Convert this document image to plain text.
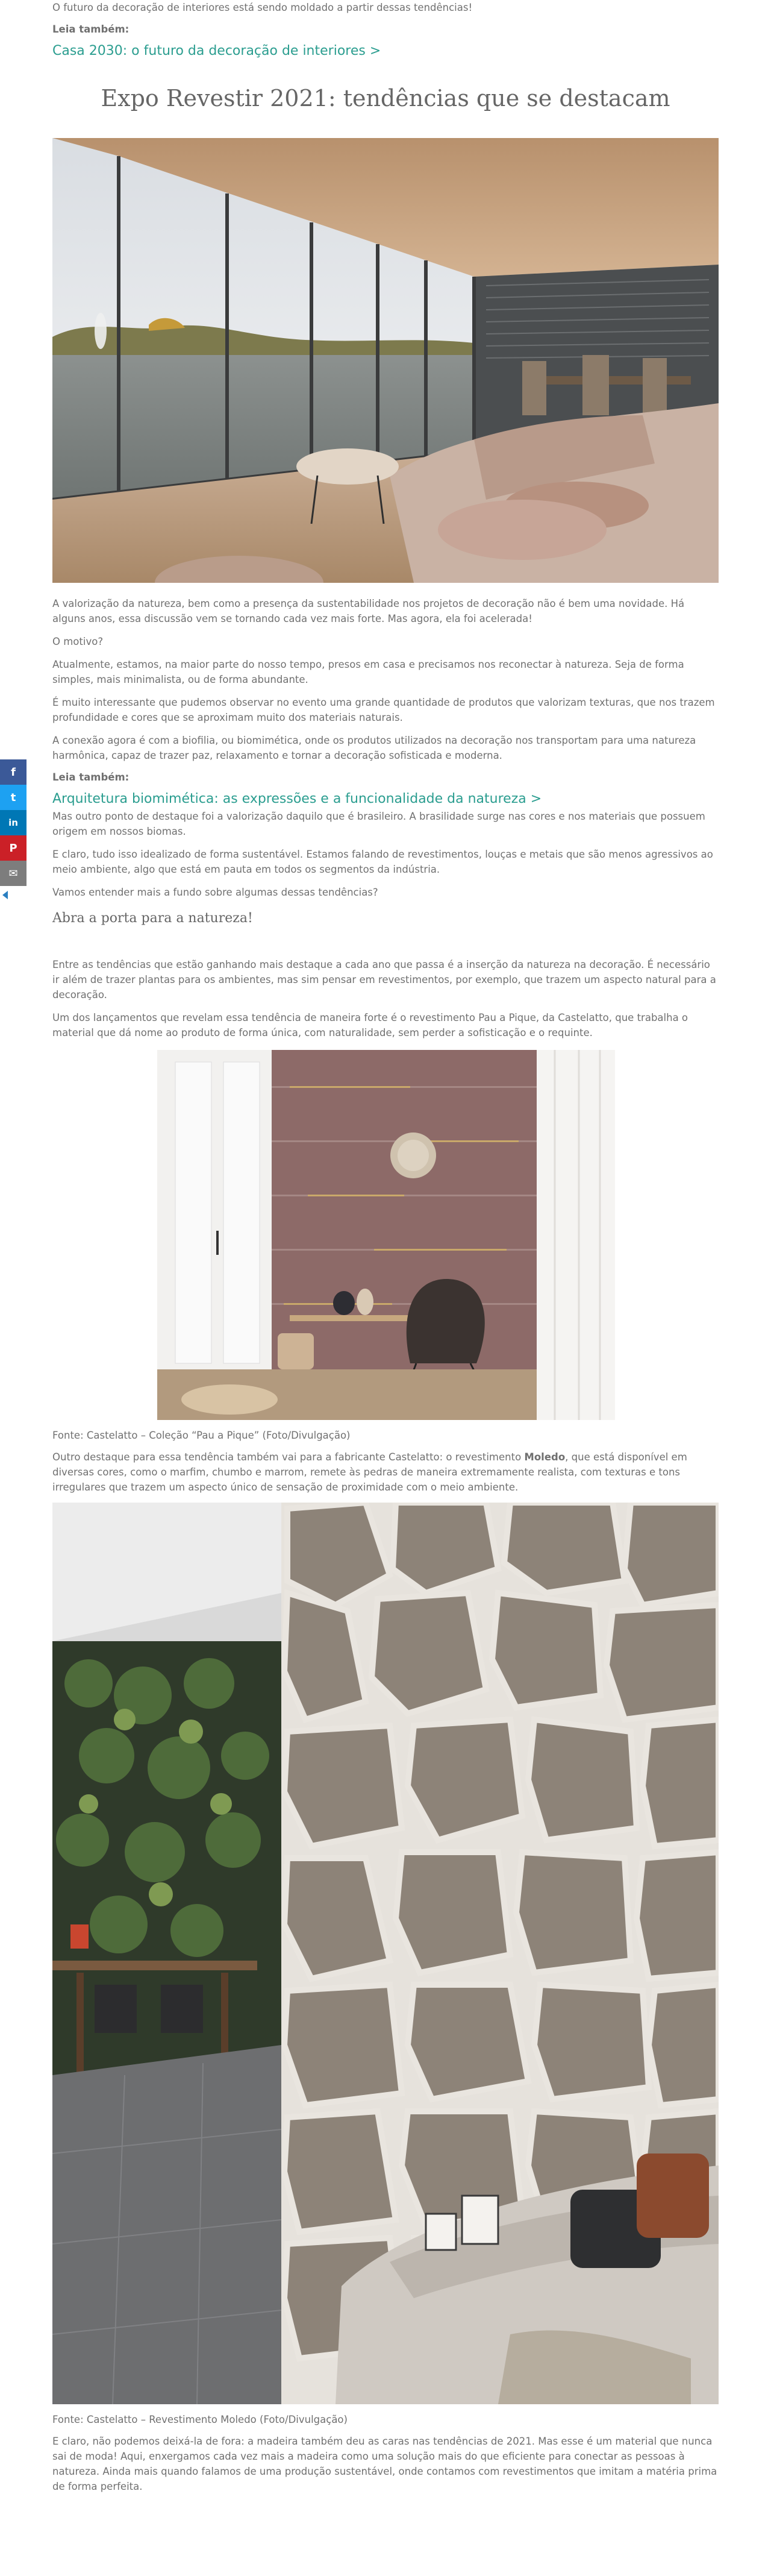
O futuro da decoração de interiores está sendo moldado a partir dessas tendências!

Leia também:
Casa 2030: o futuro da decoração de interiores >
Expo Revestir 2021: tendências que se destacam

A valorização da natureza, bem como a presença da sustentabilidade nos projetos de decoração não é bem uma novidade. Há alguns anos, essa discussão vem se tornando cada vez mais forte. Mas agora, ela foi acelerada!

O motivo?

Atualmente, estamos, na maior parte do nosso tempo, presos em casa e precisamos nos reconectar à natureza. Seja de forma simples, mais minimalista, ou de forma abundante.

É muito interessante que pudemos observar no evento uma grande quantidade de produtos que valorizam texturas, que nos trazem profundidade e cores que se aproximam muito dos materiais naturais.

A conexão agora é com a biofilia, ou biomimética, onde os produtos utilizados na decoração nos transportam para uma natureza harmônica, capaz de trazer paz, relaxamento e tornar a decoração sofisticada e moderna.

Leia também:
Arquitetura biomimética: as expressões e a funcionalidade da natureza >

Mas outro ponto de destaque foi a valorização daquilo que é brasileiro. A brasilidade surge nas cores e nos materiais que possuem origem em nossos biomas.

E claro, tudo isso idealizado de forma sustentável. Estamos falando de revestimentos, louças e metais que são menos agressivos ao meio ambiente, algo que está em pauta em todos os segmentos da indústria.

Vamos entender mais a fundo sobre algumas dessas tendências?

Abra a porta para a natureza!

Entre as tendências que estão ganhando mais destaque a cada ano que passa é a inserção da natureza na decoração. É necessário ir além de trazer plantas para os ambientes, mas sim pensar em revestimentos, por exemplo, que trazem um aspecto natural para a decoração.

Um dos lançamentos que revelam essa tendência de maneira forte é o revestimento Pau a Pique, da Castelatto, que trabalha o material que dá nome ao produto de forma única, com naturalidade, sem perder a sofisticação e o requinte.

Fonte: Castelatto – Coleção “Pau a Pique” (Foto/Divulgação)

Outro destaque para essa tendência também vai para a fabricante Castelatto: o revestimento Moledo, que está disponível em diversas cores, como o marfim, chumbo e marrom, remete às pedras de maneira extremamente realista, com texturas e tons irregulares que trazem um aspecto único de sensação de proximidade com o meio ambiente.

Fonte: Castelatto – Revestimento Moledo (Foto/Divulgação)

E claro, não podemos deixá-la de fora: a madeira também deu as caras nas tendências de 2021. Mas esse é um material que nunca sai de moda! Aqui, enxergamos cada vez mais a madeira como uma solução mais do que eficiente para conectar as pessoas à natureza. Ainda mais quando falamos de uma produção sustentável, onde contamos com revestimentos que imitam a matéria prima de forma perfeita.

f
t
in
P
✉
